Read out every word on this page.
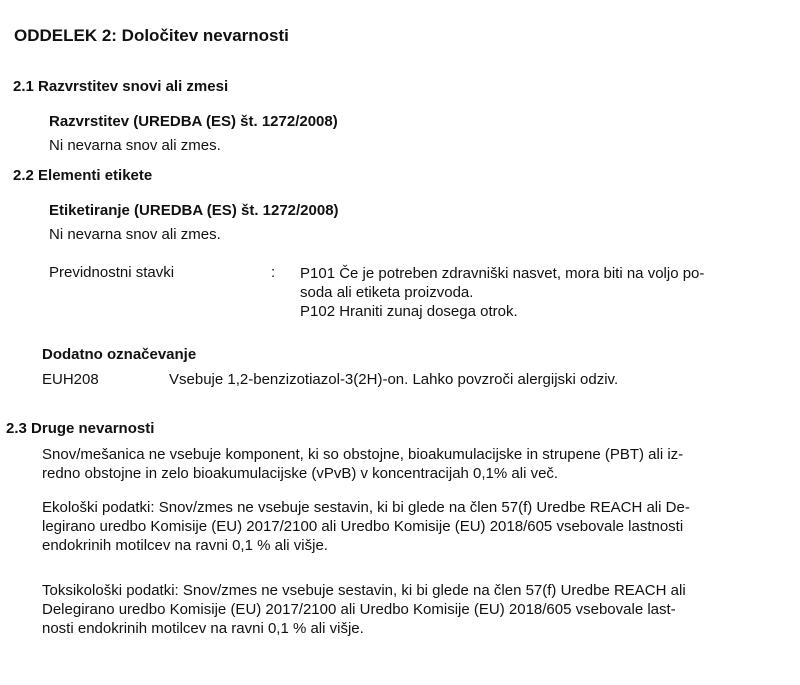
ODDELEK 2: Določitev nevarnosti
2.1 Razvrstitev snovi ali zmesi
Razvrstitev (UREDBA (ES) št. 1272/2008)
Ni nevarna snov ali zmes.
2.2 Elementi etikete
Etiketiranje (UREDBA (ES) št. 1272/2008)
Ni nevarna snov ali zmes.
Previdnostni stavki	: P101 Če je potreben zdravniški nasvet, mora biti na voljo po-
soda ali etiketa proizvoda.
P102 Hraniti zunaj dosega otrok.
Dodatno označevanje
EUH208	Vsebuje 1,2-benzizotiazol-3(2H)-on. Lahko povzroči alergijski odziv.
2.3 Druge nevarnosti
Snov/mešanica ne vsebuje komponent, ki so obstojne, bioakumulacijske in strupene (PBT) ali iz-
redno obstojne in zelo bioakumulacijske (vPvB) v koncentracijah 0,1% ali več.
Ekološki podatki: Snov/zmes ne vsebuje sestavin, ki bi glede na člen 57(f) Uredbe REACH ali De-
legirano uredbo Komisije (EU) 2017/2100 ali Uredbo Komisije (EU) 2018/605 vsebovale lastnosti
endokrinih motilcev na ravni 0,1 % ali višje.
Toksikološki podatki: Snov/zmes ne vsebuje sestavin, ki bi glede na člen 57(f) Uredbe REACH ali
Delegirano uredbo Komisije (EU) 2017/2100 ali Uredbo Komisije (EU) 2018/605 vsebovale last-
nosti endokrinih motilcev na ravni 0,1 % ali višje.
